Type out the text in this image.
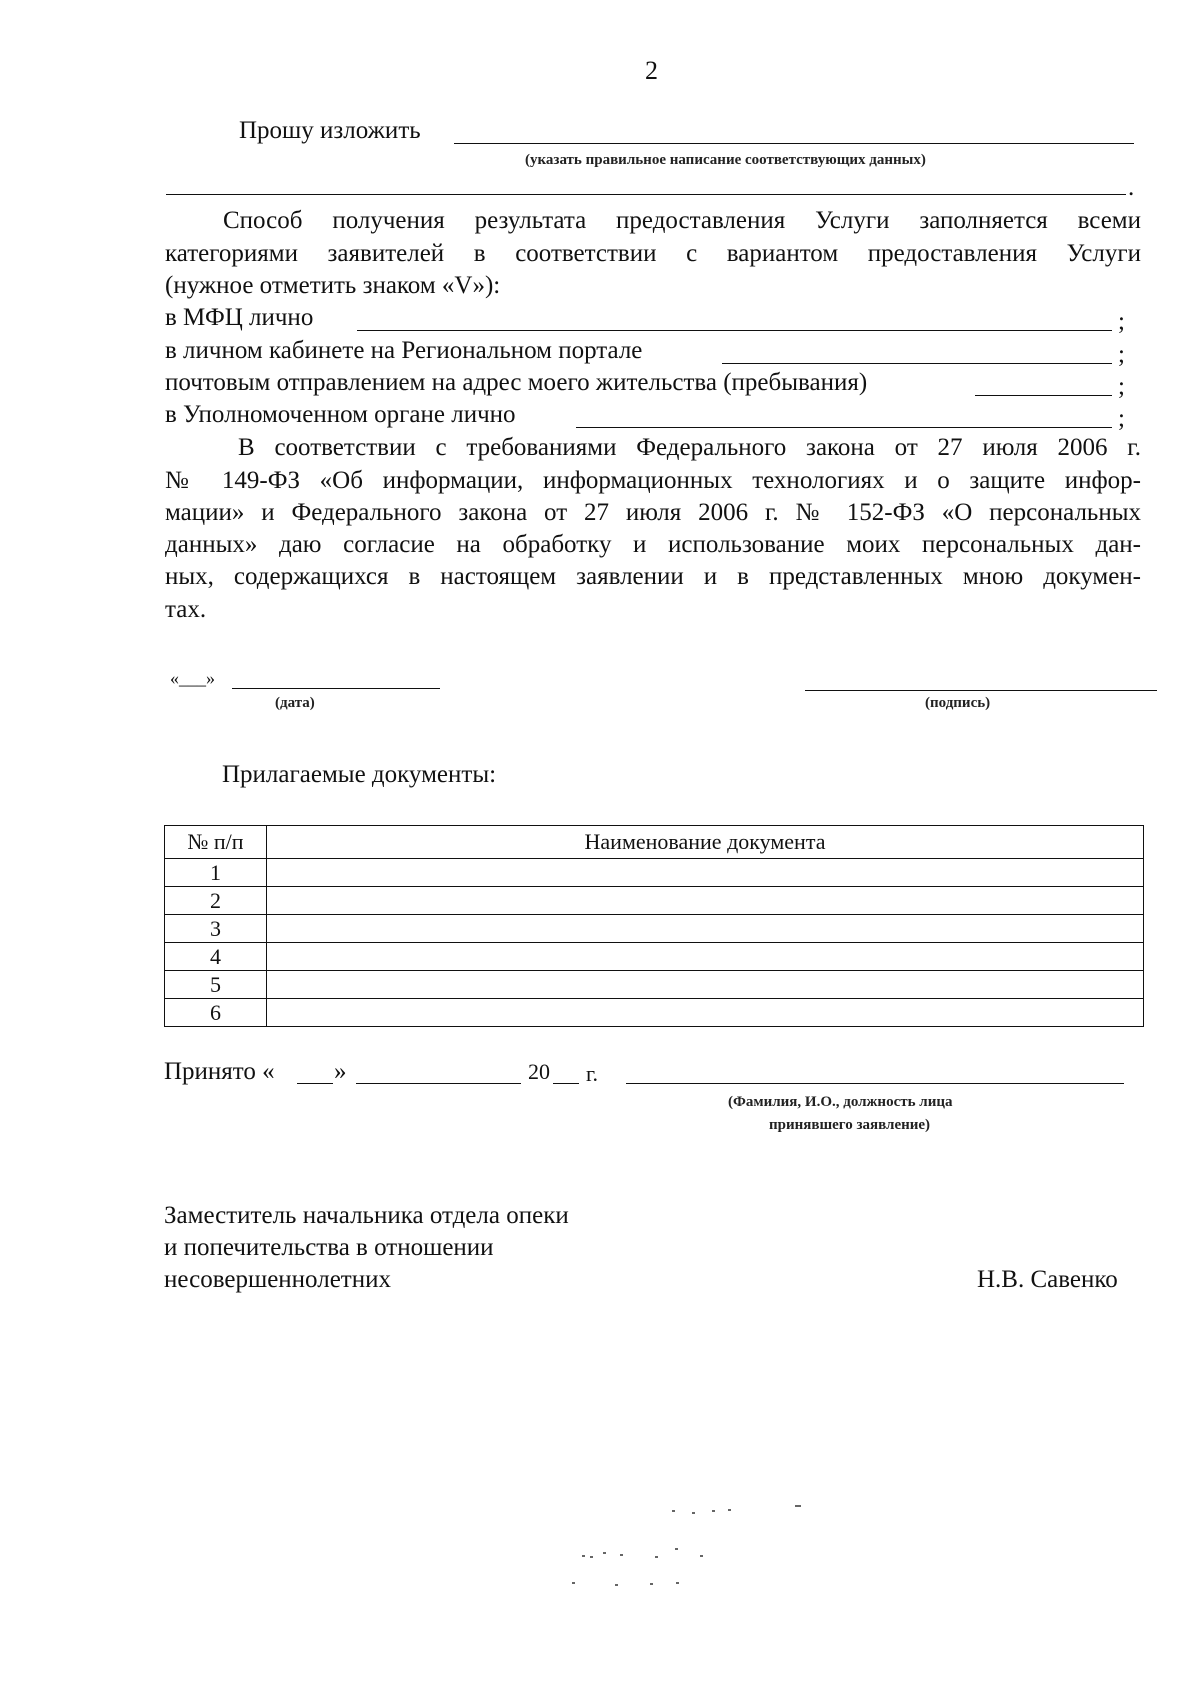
2
Прошу изложить
(указать правильное написание соответствующих данных)
.
Способ получения результата предоставления Услуги заполняется всеми
категориями заявителей в соответствии с вариантом предоставления Услуги
(нужное отметить знаком «V»):
в МФЦ лично	;
в личном кабинете на Региональном портале	;
почтовым отправлением на адрес моего жительства (пребывания)	;
в Уполномоченном органе лично	;
В соответствии с требованиями Федерального закона от 27 июля 2006 г.
№ 149-ФЗ «Об информации, информационных технологиях и о защите инфор-
мации» и Федерального закона от 27 июля 2006 г. № 152-ФЗ «О персональных
данных» даю согласие на обработку и использование моих персональных дан-
ных, содержащихся в настоящем заявлении и в представленных мною докумен-
тах.
«___»
(дата)	(подпись)
Прилагаемые документы:
№ п/п	Наименование документа
1	
2	
3	
4	
5	
6	
Принято « »	20 г.
(Фамилия, И.О., должность лица
принявшего заявление)
Заместитель начальника отдела опеки
и попечительства в отношении
несовершеннолетних	Н.В. Савенко
